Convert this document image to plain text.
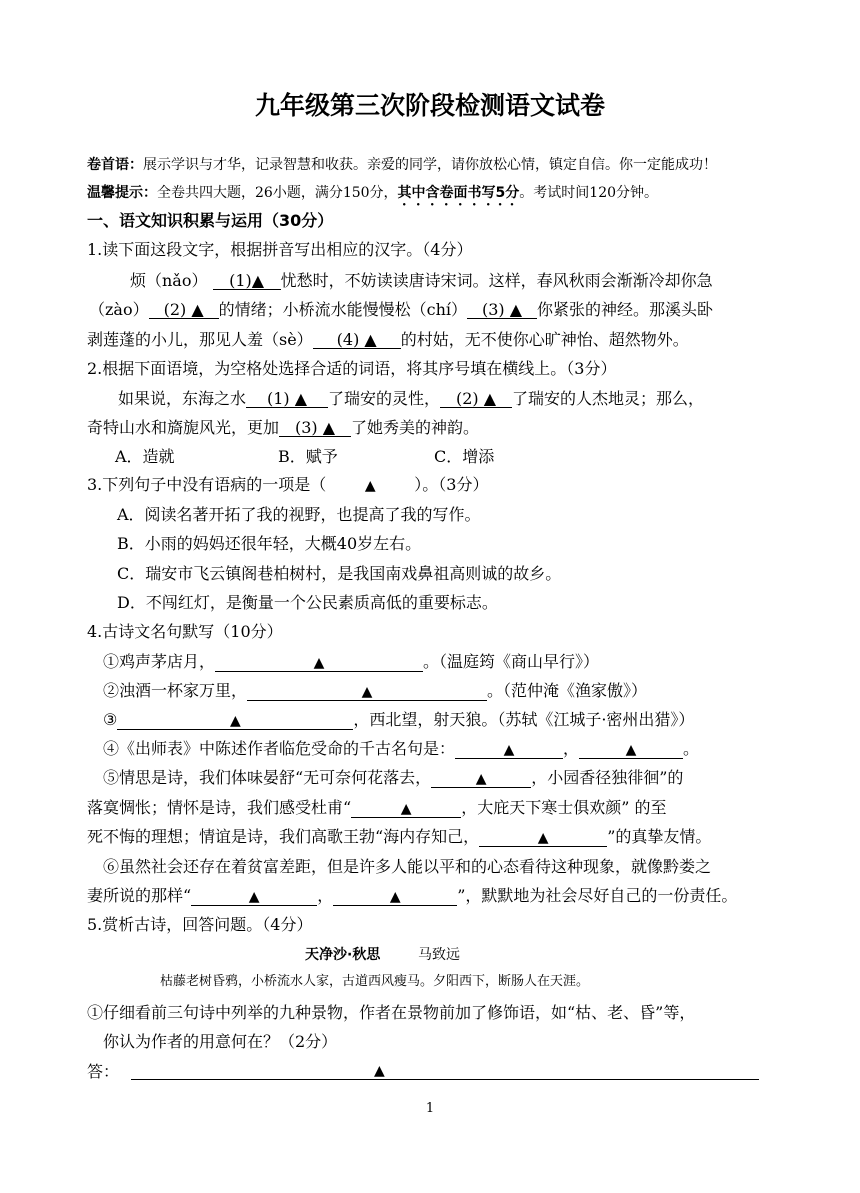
九年级第三次阶段检测语文试卷
卷首语：展示学识与才华，记录智慧和收获。亲爱的同学，请你放松心情，镇定自信。你一定能成功！
温馨提示：全卷共四大题，26小题，满分150分，其中含卷面书写5分。考试时间120分钟。
一、语文知识积累与运用（30分）
1.读下面这段文字，根据拼音写出相应的汉字。（4分）
烦（nǎo） (1)▲ 忧愁时，不妨读读唐诗宋词。这样，春风秋雨会渐渐冷却你急
（zào） (2) ▲ 的情绪；小桥流水能慢慢松（chí） (3) ▲ 你紧张的神经。那溪头卧
剥莲蓬的小儿，那见人羞（sè） (4) ▲ 的村姑，无不使你心旷神怡、超然物外。
2.根据下面语境，为空格处选择合适的词语，将其序号填在横线上。（3分）
如果说，东海之水 (1) ▲ 了瑞安的灵性， (2) ▲ 了瑞安的人杰地灵；那么，
奇特山水和旖旎风光，更加 (3) ▲ 了她秀美的神韵。
A．造就	B．赋予	C．增添
3.下列句子中没有语病的一项是（	▲ ）。（3分）
A．阅读名著开拓了我的视野，也提高了我的写作。
B．小雨的妈妈还很年轻，大概40岁左右。
C．瑞安市飞云镇阁巷柏树村，是我国南戏鼻祖高则诚的故乡。
D．不闯红灯，是衡量一个公民素质高低的重要标志。
4.古诗文名句默写（10分）
①鸡声茅店月，	▲	。（温庭筠《商山早行》）
②浊酒一杯家万里，	▲	。（范仲淹《渔家傲》）
③	▲	，西北望，射天狼。（苏轼《江城子·密州出猎》）
④《出师表》中陈述作者临危受命的千古名句是：	▲	，	▲	。
⑤情思是诗，我们体味晏舒“无可奈何花落去，	▲	，小园香径独徘徊”的
落寞惆怅；情怀是诗，我们感受杜甫“	▲	，大庇天下寒士俱欢颜” 的至
死不悔的理想；情谊是诗，我们高歌王勃“海内存知己，	▲	”的真挚友情。
⑥虽然社会还存在着贫富差距，但是许多人能以平和的心态看待这种现象，就像黔娄之
妻所说的那样“	▲	，	▲	”，默默地为社会尽好自己的一份责任。
5.赏析古诗，回答问题。（4分）
天净沙·秋思	马致远
枯藤老树昏鸦，小桥流水人家，古道西风瘦马。夕阳西下，断肠人在天涯。
①仔细看前三句诗中列举的九种景物，作者在景物前加了修饰语，如“枯、老、昏”等，
你认为作者的用意何在？（2分）
答：	▲
1
